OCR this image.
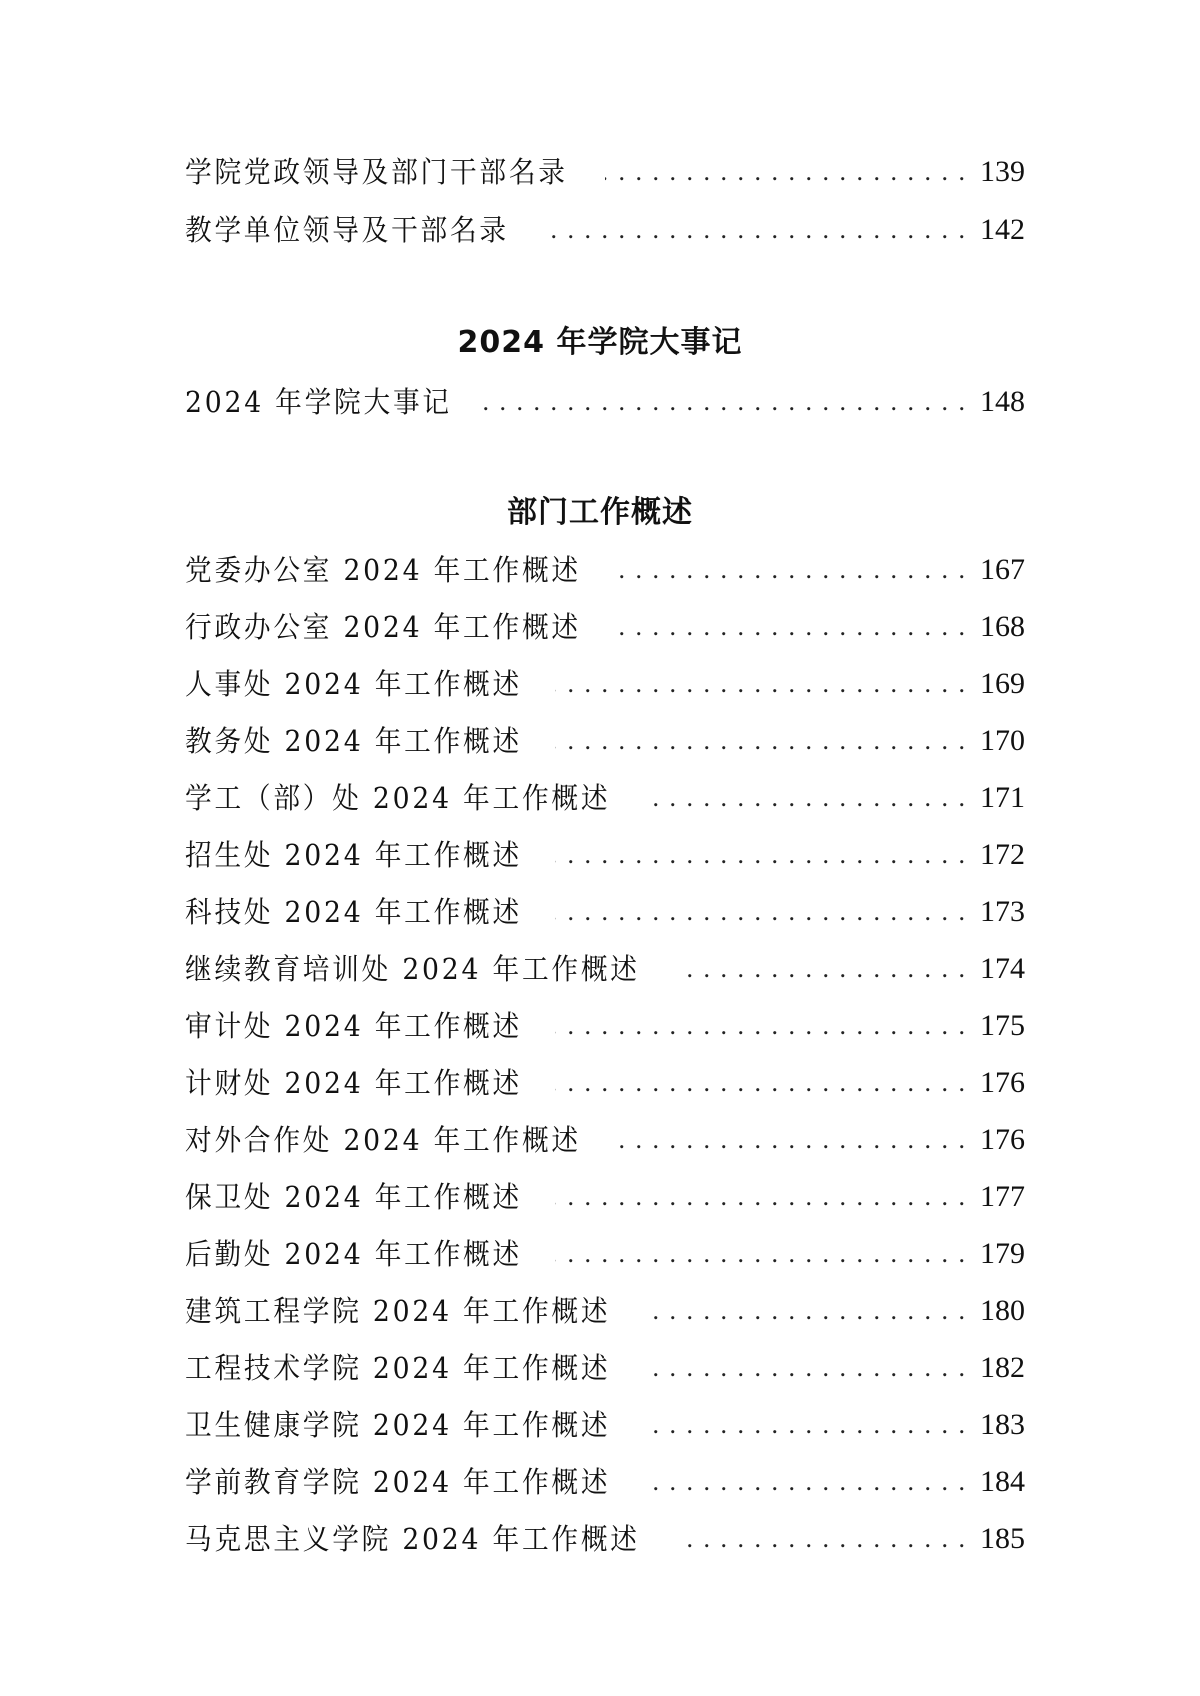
学院党政领导及部门干部名录 . . .	139
教学单位领导及干部名录 . . .	142
2024 年学院大事记
2024 年学院大事记 . . .	148
部门工作概述
党委办公室 2024 年工作概述 . . .	167
行政办公室 2024 年工作概述 . . .	168
人事处 2024 年工作概述 . . .	169
教务处 2024 年工作概述 . . .	170
学工（部）处 2024 年工作概述 . . .	171
招生处 2024 年工作概述 . . .	172
科技处 2024 年工作概述 . . .	173
继续教育培训处 2024 年工作概述 . . .	174
审计处 2024 年工作概述 . . .	175
计财处 2024 年工作概述 . . .	176
对外合作处 2024 年工作概述 . . .	176
保卫处 2024 年工作概述 . . .	177
后勤处 2024 年工作概述 . . .	179
建筑工程学院 2024 年工作概述 . . .	180
工程技术学院 2024 年工作概述 . . .	182
卫生健康学院 2024 年工作概述 . . .	183
学前教育学院 2024 年工作概述 . . .	184
马克思主义学院 2024 年工作概述 . . .	185
